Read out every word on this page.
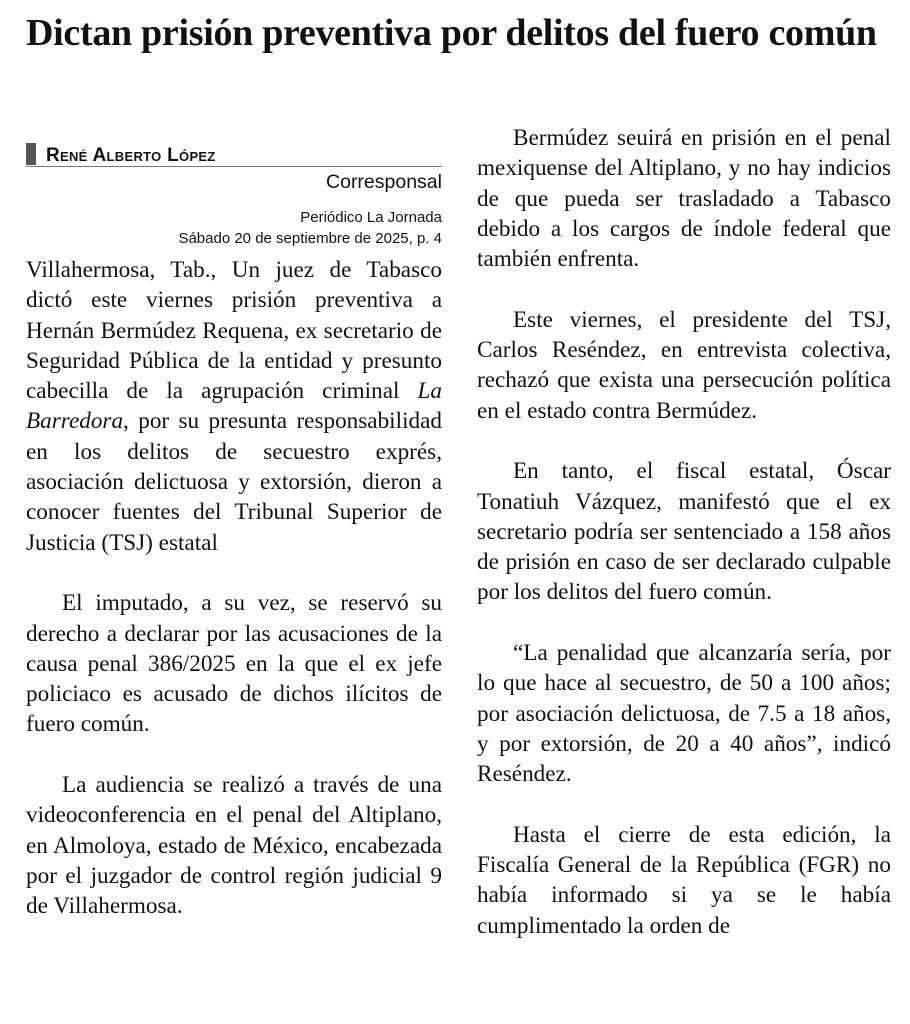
Dictan prisión preventiva por delitos del fuero común
René Alberto López
Corresponsal
Periódico La Jornada
Sábado 20 de septiembre de 2025, p. 4

Villahermosa, Tab., Un juez de Tabasco dictó este viernes prisión preventiva a Hernán Bermúdez Requena, ex secretario de Seguridad Pública de la entidad y presunto cabecilla de la agrupación criminal La Barredora, por su presunta responsabilidad en los delitos de secuestro exprés, asociación delictuosa y extorsión, dieron a conocer fuentes del Tribunal Superior de Justicia (TSJ) estatal

El imputado, a su vez, se reservó su derecho a declarar por las acusaciones de la causa penal 386/2025 en la que el ex jefe policiaco es acusado de dichos ilícitos de fuero común.

La audiencia se realizó a través de una videoconferencia en el penal del Altiplano, en Almoloya, estado de México, encabezada por el juzgador de control región judicial 9 de Villahermosa.

Bermúdez seuirá en prisión en el penal mexiquense del Altiplano, y no hay indicios de que pueda ser trasladado a Tabasco debido a los cargos de índole federal que también enfrenta.

Este viernes, el presidente del TSJ, Carlos Reséndez, en entrevista colectiva, rechazó que exista una persecución política en el estado contra Bermúdez.

En tanto, el fiscal estatal, Óscar Tonatiuh Vázquez, manifestó que el ex secretario podría ser sentenciado a 158 años de prisión en caso de ser declarado culpable por los delitos del fuero común.

“La penalidad que alcanzaría sería, por lo que hace al secuestro, de 50 a 100 años; por asociación delictuosa, de 7.5 a 18 años, y por extorsión, de 20 a 40 años”, indicó Reséndez.

Hasta el cierre de esta edición, la Fiscalía General de la República (FGR) no había informado si ya se le había cumplimentado la orden de
